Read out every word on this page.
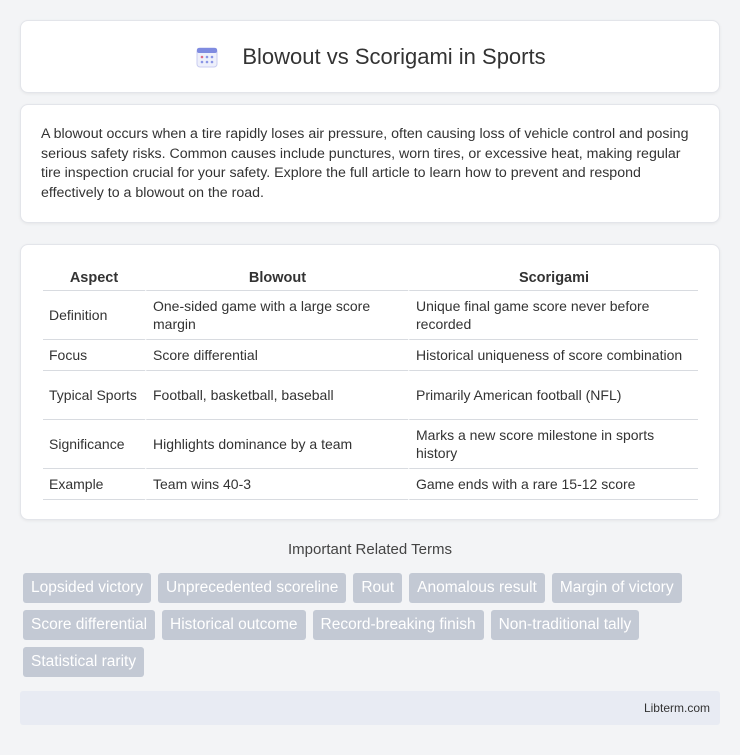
Blowout vs Scorigami in Sports

A blowout occurs when a tire rapidly loses air pressure, often causing loss of vehicle control and posing serious safety risks. Common causes include punctures, worn tires, or excessive heat, making regular tire inspection crucial for your safety. Explore the full article to learn how to prevent and respond effectively to a blowout on the road.

Aspect	Blowout	Scorigami
Definition	One-sided game with a large score margin	Unique final game score never before recorded
Focus	Score differential	Historical uniqueness of score combination
Typical Sports	Football, basketball, baseball	Primarily American football (NFL)
Significance	Highlights dominance by a team	Marks a new score milestone in sports history
Example	Team wins 40-3	Game ends with a rare 15-12 score
Important Related Terms
Lopsided victory	Unprecedented scoreline	Rout	Anomalous result	Margin of victory
Score differential	Historical outcome	Record-breaking finish	Non-traditional tally
Statistical rarity
Libterm.com
